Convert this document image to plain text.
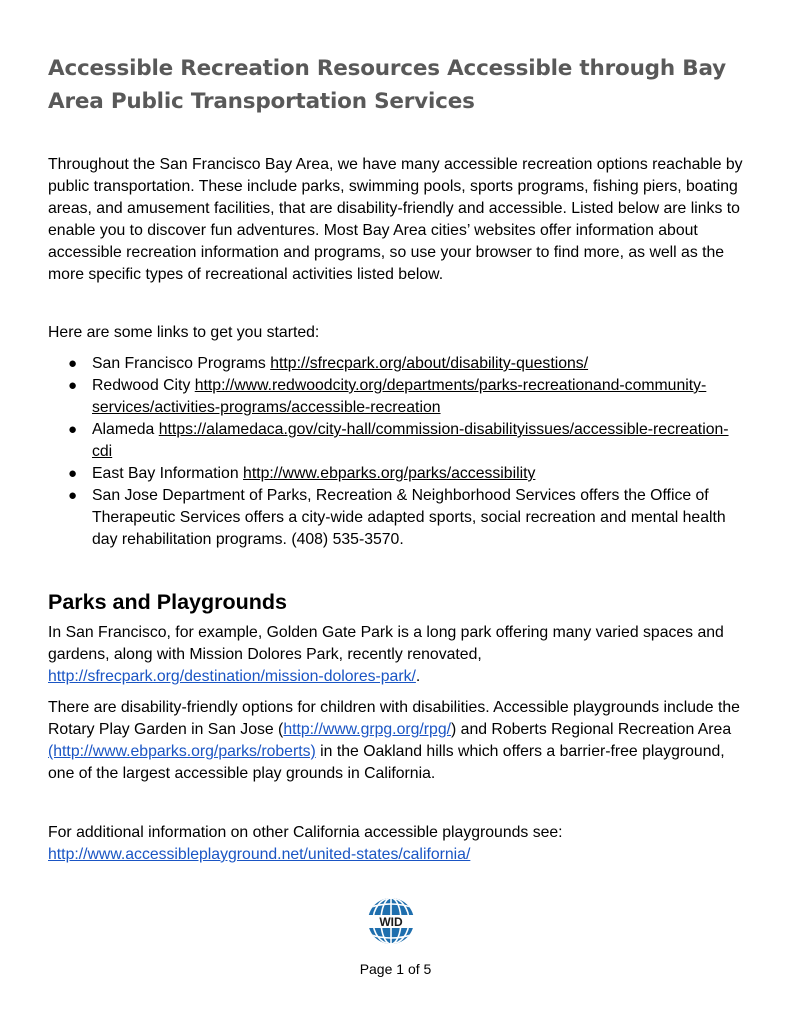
Accessible Recreation Resources Accessible through Bay Area Public Transportation Services

Throughout the San Francisco Bay Area, we have many accessible recreation options reachable by public transportation. These include parks, swimming pools, sports programs, fishing piers, boating areas, and amusement facilities, that are disability-friendly and accessible. Listed below are links to enable you to discover fun adventures. Most Bay Area cities’ websites offer information about accessible recreation information and programs, so use your browser to find more, as well as the more specific types of recreational activities listed below.

Here are some links to get you started:

● San Francisco Programs http://sfrecpark.org/about/disability-questions/
● Redwood City http://www.redwoodcity.org/departments/parks-recreationand-community-services/activities-programs/accessible-recreation
● Alameda https://alamedaca.gov/city-hall/commission-disabilityissues/accessible-recreation-cdi
● East Bay Information http://www.ebparks.org/parks/accessibility
● San Jose Department of Parks, Recreation & Neighborhood Services offers the Office of Therapeutic Services offers a city-wide adapted sports, social recreation and mental health day rehabilitation programs. (408) 535-3570.
Parks and Playgrounds

In San Francisco, for example, Golden Gate Park is a long park offering many varied spaces and gardens, along with Mission Dolores Park, recently renovated, http://sfrecpark.org/destination/mission-dolores-park/.

There are disability-friendly options for children with disabilities. Accessible playgrounds include the Rotary Play Garden in San Jose (http://www.grpg.org/rpg/) and Roberts Regional Recreation Area (http://www.ebparks.org/parks/roberts) in the Oakland hills which offers a barrier-free playground, one of the largest accessible play grounds in California.

For additional information on other California accessible playgrounds see: http://www.accessibleplayground.net/united-states/california/

WID
Page 1 of 5
